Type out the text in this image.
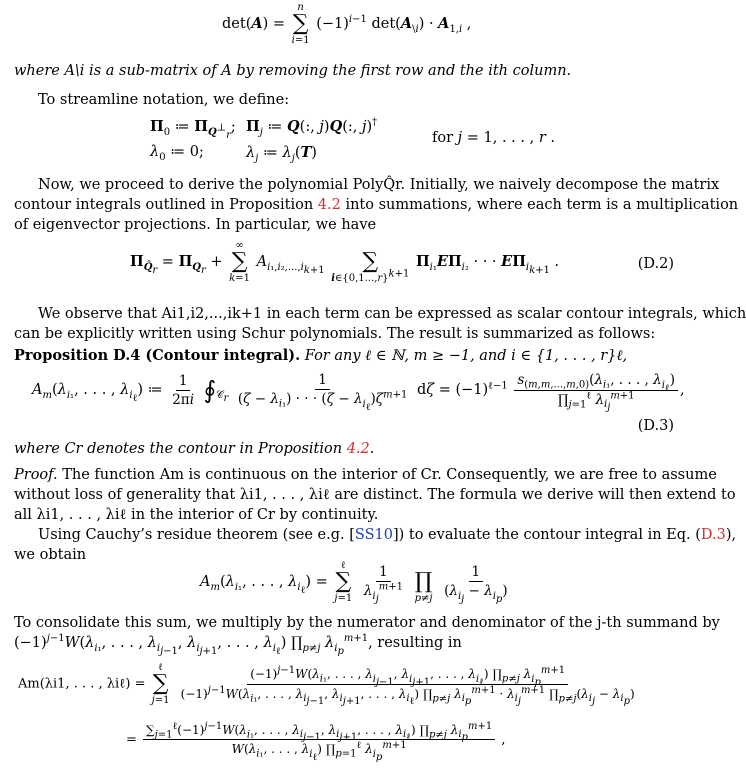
det(A) =
n
∑
i=1
$(-1)^{i-1}$ $\det(A_{\backslash i}) \cdot A_{1,i}$ ,
where A\i is a sub-matrix of A by removing the first row and the ith column.
To streamline notation, we define:
$\Pi_0$ ≔ $\Pi_{Q^\perp_r}$; $\Pi_j$ ≔ Q(:, j)Q(:, j)†
for j = 1, . . . , r .
$\lambda_0$ ≔ 0;	$\lambda_j$ ≔ $\lambda_j(T)$
Now, we proceed to derive the polynomial PolyQ̂r. Initially, we naively decompose the matrix
contour integrals outlined in Proposition 4.2 into summations, where each term is a multiplication
of eigenvector projections. In particular, we have
$\Pi_{Q̂_r} = \Pi_{Q_r}$ +
∞
∑
k=1
$A_{i_1,i_2,...,i_{k+1}}$
∑
$i\in\{0,1...,r\}^{k+1}$
$\Pi_{i_1}E\Pi_{i_2}$ · · · $E\Pi_{i_{k+1}}$ .	(D.2)
We observe that Ai1,i2,...,ik+1 in each term can be expressed as scalar contour integrals, which
can be explicitly written using Schur polynomials. The result is summarized as follows:
Proposition D.4 (Contour integral). For any ℓ ∈ ℕ, m ≥ −1, and i ∈ {1, . . . , r}ℓ,
$A_m(\lambda_{i_1}$, . . . , $\lambda_{i_\ell}$) ≔ $\frac{1}{2\pi i}$ $∮_{𝒞_r} \frac{1}{(\zeta - \lambda_{i_1}) \cdot \cdot \cdot (\zeta - \lambda_{i_\ell})\zeta^{m+1}}$ $d\zeta = (-1)^{\ell-1} \frac{s_{(m,m,...,m,0)}(\lambda_{i_1}, . . . , \lambda_{i_\ell})}{\prod_{j=1}^\ell \lambda_{i_j}^{m+1}}$ ,
(D.3)
where Cr denotes the contour in Proposition 4.2.
Proof. The function Am is continuous on the interior of Cr. Consequently, we are free to assume
without loss of generality that λi1, . . . , λiℓ are distinct. The formula we derive will then extend to
all λi1, . . . , λiℓ in the interior of Cr by continuity.
Using Cauchy’s residue theorem (see e.g. [SS10]) to evaluate the contour integral in Eq. (D.3),
we obtain
$A_m(\lambda_{i_1}$, . . . , $\lambda_{i_\ell}$) =
ℓ
∑
j=1
$\frac{1}{\lambda_{i_j}^{m+1}}$

∏
p≠j
$\frac{1}{(\lambda_{i_j} - \lambda_{i_p})}$
To consolidate this sum, we multiply by the numerator and denominator of the j-th summand by
$(-1)^{j-1}W(\lambda_{i_1}$, . . . , $\lambda_{i_{j-1}}$, $\lambda_{i_{j+1}}$, . . . , $\lambda_{i_\ell}$) $\prod_{p\ne j}$ $\lambda_{i_p}^{m+1}$, resulting in
Am(λi1, . . . , λiℓ) =
ℓ
∑
j=1

$(-1)^{j-1}W(\lambda_{i_1}$, . . . , $\lambda_{i_{j-1}}$, $\lambda_{i_{j+1}}$, . . . , $\lambda_{i_\ell}$) $\prod_{p\ne j}$ $\lambda_{i_p}^{m+1}$
$(-1)^{j-1}W(\lambda_{i_1}$, . . . , $\lambda_{i_{j-1}}$, $\lambda_{i_{j+1}}$, . . . , $\lambda_{i_\ell}$) $\prod_{p\ne j}$ $\lambda_{i_p}^{m+1} \cdot \lambda_{i_j}^{m+1}$ $\prod_{p\ne j}(\lambda_{i_j} - \lambda_{i_p})$
=
$\sum_{j=1}^\ell(-1)^{j-1}W(\lambda_{i_1}$, . . . , $\lambda_{i_{j-1}}$, $\lambda_{i_{j+1}}$, . . . , $\lambda_{i_\ell}$) $\prod_{p\ne j}$ $\lambda_{i_p}^{m+1}$
$W(\lambda_{i_1}$, . . . , $\lambda_{i_\ell}$) $\prod_{p=1}^\ell$ $\lambda_{i_p}^{m+1}$	,
